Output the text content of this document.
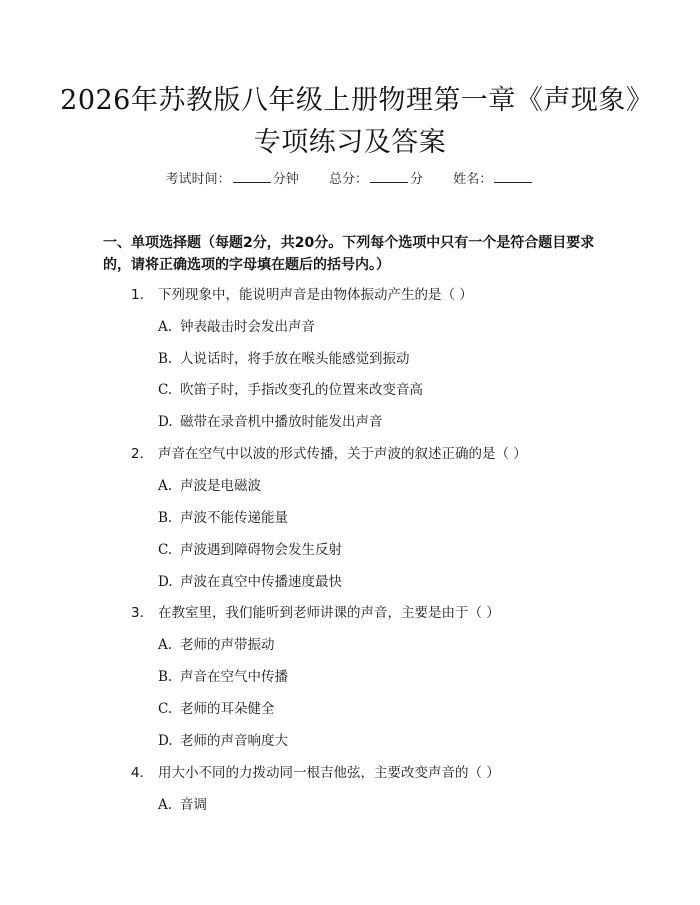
2026年苏教版八年级上册物理第一章《声现象》专项练习及答案
考试时间：	分钟 总分：	分 姓名：
一、单项选择题（每题2分，共20分。下列每个选项中只有一个是符合题目要求的，请将正确选项的字母填在题后的括号内。）
1. 下列现象中，能说明声音是由物体振动产生的是（ ）
A. 钟表敲击时会发出声音
B. 人说话时，将手放在喉头能感觉到振动
C. 吹笛子时，手指改变孔的位置来改变音高
D. 磁带在录音机中播放时能发出声音
2. 声音在空气中以波的形式传播，关于声波的叙述正确的是（ ）
A. 声波是电磁波
B. 声波不能传递能量
C. 声波遇到障碍物会发生反射
D. 声波在真空中传播速度最快
3. 在教室里，我们能听到老师讲课的声音，主要是由于（ ）
A. 老师的声带振动
B. 声音在空气中传播
C. 老师的耳朵健全
D. 老师的声音响度大
4. 用大小不同的力拨动同一根吉他弦，主要改变声音的（ ）
A. 音调
